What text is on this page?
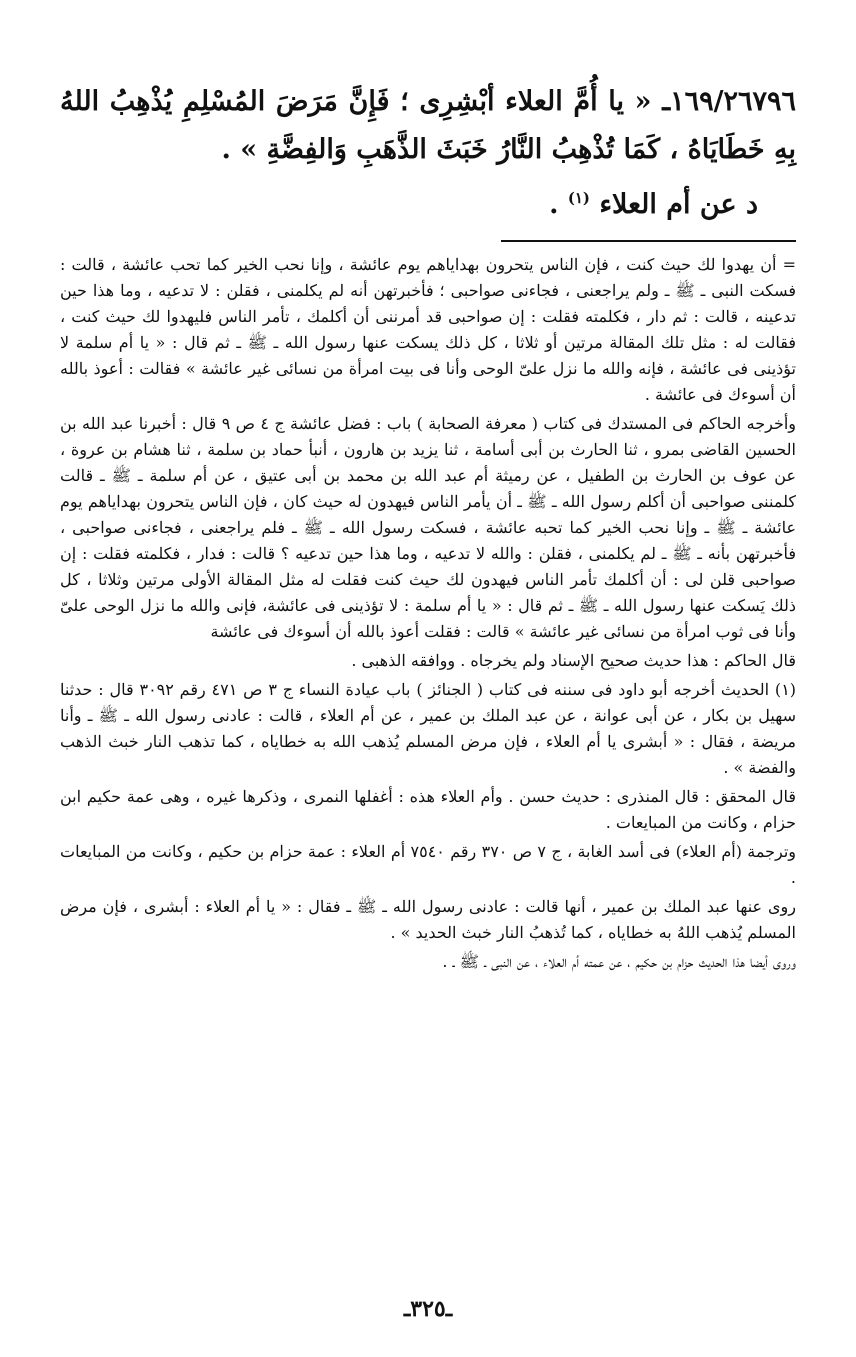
١٦٩/٢٦٧٩٦ـ « يا أُمَّ العلاء أبْشِرِى ؛ فَإِنَّ مَرَضَ المُسْلِمِ يُذْهِبُ اللهُ بِهِ خَطَايَاهُ ، كَمَا تُذْهِبُ النَّارُ خَبَثَ الذَّهَبِ وَالفِضَّةِ » .

د عن أم العلاء $^{(١)}$ .

= أن يهدوا لك حيث كنت ، فإن الناس يتحرون بهداياهم يوم عائشة ، وإنا نحب الخير كما تحب عائشة ، قالت : فسكت النبى ـ ﷺ ـ ولم يراجعنى ، فجاءنى صواحبى ؛ فأخبرتهن أنه لم يكلمنى ، فقلن : لا تدعيه ، وما هذا حين تدعينه ، قالت : ثم دار ، فكلمته فقلت : إن صواحبى قد أمرننى أن أكلمك ، تأمر الناس فليهدوا لك حيث كنت ، فقالت له : مثل تلك المقالة مرتين أو ثلاثا ، كل ذلك يسكت عنها رسول الله ـ ﷺ ـ ثم قال : « يا أم سلمة لا تؤذينى فى عائشة ، فإنه والله ما نزل علىّ الوحى وأنا فى بيت امرأة من نسائى غير عائشة » فقالت : أعوذ بالله أن أسوءك فى عائشة .

وأخرجه الحاكم فى المستدك فى كتاب ( معرفة الصحابة ) باب : فضل عائشة ج ٤ ص ٩ قال : أخبرنا عبد الله بن الحسين القاضى بمرو ، ثنا الحارث بن أبى أسامة ، ثنا يزيد بن هارون ، أنبأ حماد بن سلمة ، ثنا هشام بن عروة ، عن عوف بن الحارث بن الطفيل ، عن رميثة أم عبد الله بن محمد بن أبى عتيق ، عن أم سلمة ـ ﷺ ـ قالت كلمننى صواحبى أن أكلم رسول الله ـ ﷺ ـ أن يأمر الناس فيهدون له حيث كان ، فإن الناس يتحرون بهداياهم يوم عائشة ـ ﷺ ـ وإنا نحب الخير كما تحبه عائشة ، فسكت رسول الله ـ ﷺ ـ فلم يراجعنى ، فجاءنى صواحبى ، فأخبرتهن بأنه ـ ﷺ ـ لم يكلمنى ، فقلن : والله لا تدعيه ، وما هذا حين تدعيه ؟ قالت : فدار ، فكلمته فقلت : إن صواحبى قلن لى : أن أكلمك تأمر الناس فيهدون لك حيث كنت فقلت له مثل المقالة الأولى مرتين وثلاثا ، كل ذلك يَسكت عنها رسول الله ـ ﷺ ـ ثم قال : « يا أم سلمة : لا تؤذينى فى عائشة، فإنى والله ما نزل الوحى علىّ وأنا فى ثوب امرأة من نسائى غير عائشة » قالت : فقلت أعوذ بالله أن أسوءك فى عائشة

قال الحاكم : هذا حديث صحيح الإسناد ولم يخرجاه . ووافقه الذهبى .

(١) الحديث أخرجه أبو داود فى سننه فى كتاب ( الجنائز ) باب عيادة النساء ج ٣ ص ٤٧١ رقم ٣٠٩٢ قال : حدثنا سهيل بن بكار ، عن أبى عوانة ، عن عبد الملك بن عمير ، عن أم العلاء ، قالت : عادنى رسول الله ـ ﷺ ـ وأنا مريضة ، فقال : « أبشرى يا أم العلاء ، فإن مرض المسلم يُذهب الله به خطاياه ، كما تذهب النار خبث الذهب والفضة » .

قال المحقق : قال المنذرى : حديث حسن . وأم العلاء هذه : أغفلها النمرى ، وذكرها غيره ، وهى عمة حكيم ابن حزام ، وكانت من المبايعات .

وترجمة (أم العلاء) فى أسد الغابة ، ج ٧ ص ٣٧٠ رقم ٧٥٤٠ أم العلاء : عمة حزام بن حكيم ، وكانت من المبايعات .

روى عنها عبد الملك بن عمير ، أنها قالت : عادنى رسول الله ـ ﷺ ـ فقال : « يا أم العلاء : أبشرى ، فإن مرض المسلم يُذهب اللهُ به خطاياه ، كما تُذهبُ النار خبث الحديد » .

وروى أيضا هذا الحديث حزام بن حكيم ، عن عمته أم العلاء ، عن النبى ـ ﷺ ـ .

ـ٣٢٥ـ
